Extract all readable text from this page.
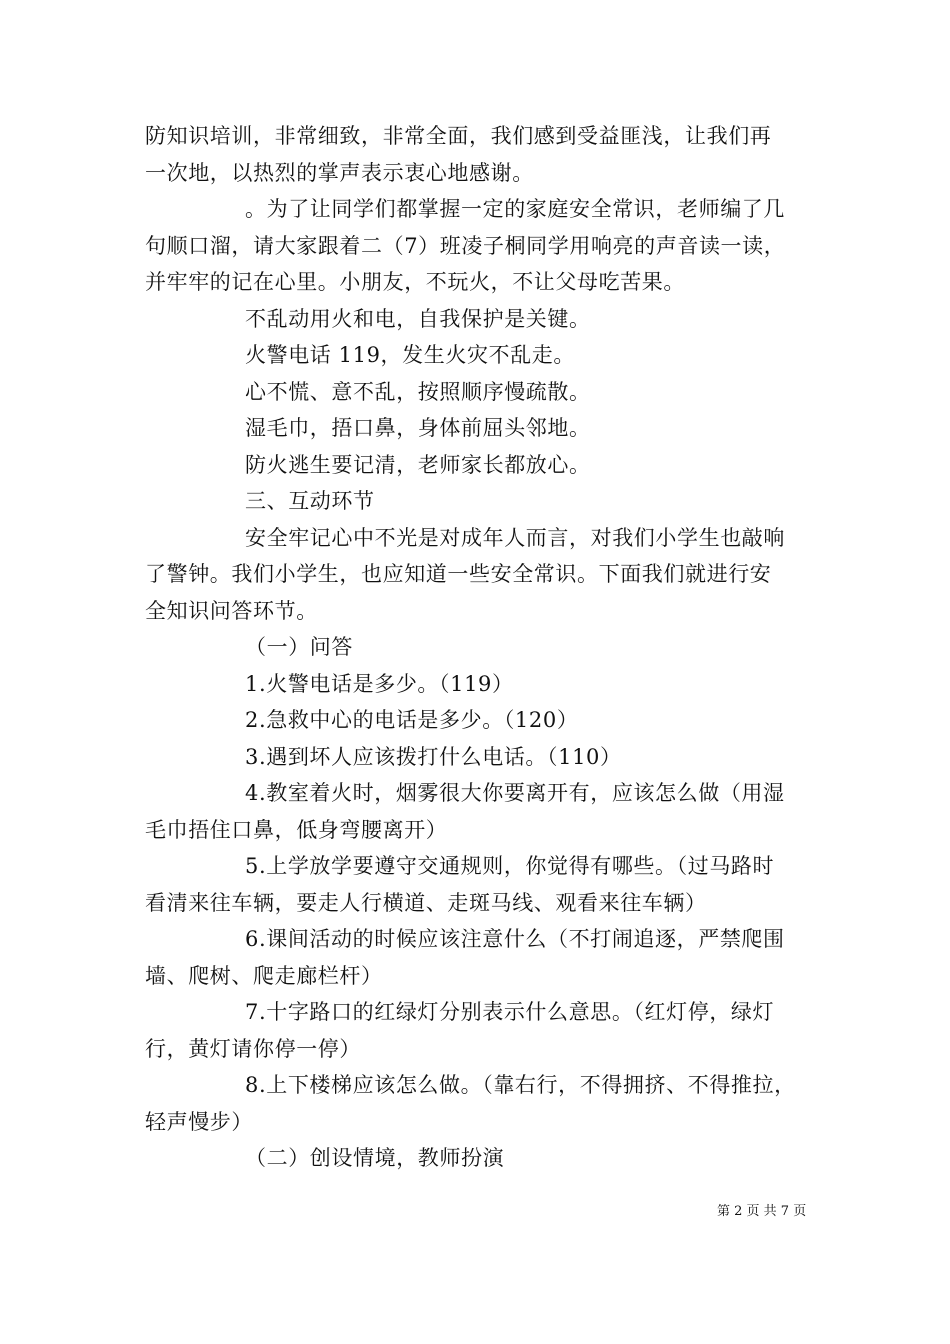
防知识培训，非常细致，非常全面，我们感到受益匪浅，让我们再
一次地，以热烈的掌声表示衷心地感谢。
。为了让同学们都掌握一定的家庭安全常识，老师编了几
句顺口溜，请大家跟着二（7）班凌子桐同学用响亮的声音读一读，
并牢牢的记在心里。小朋友，不玩火，不让父母吃苦果。
不乱动用火和电，自我保护是关键。
火警电话 119，发生火灾不乱走。
心不慌、意不乱，按照顺序慢疏散。
湿毛巾，捂口鼻，身体前屈头邻地。
防火逃生要记清，老师家长都放心。
三、互动环节
安全牢记心中不光是对成年人而言，对我们小学生也敲响
了警钟。我们小学生，也应知道一些安全常识。下面我们就进行安
全知识问答环节。
（一）问答
1.火警电话是多少。（119）
2.急救中心的电话是多少。（120）
3.遇到坏人应该拨打什么电话。（110）
4.教室着火时，烟雾很大你要离开有，应该怎么做（用湿
毛巾捂住口鼻，低身弯腰离开）
5.上学放学要遵守交通规则，你觉得有哪些。（过马路时
看清来往车辆，要走人行横道、走斑马线、观看来往车辆）
6.课间活动的时候应该注意什么（不打闹追逐，严禁爬围
墙、爬树、爬走廊栏杆）
7.十字路口的红绿灯分别表示什么意思。（红灯停，绿灯
行，黄灯请你停一停）
8.上下楼梯应该怎么做。（靠右行，不得拥挤、不得推拉，
轻声慢步）
（二）创设情境，教师扮演
第 2 页 共 7 页
